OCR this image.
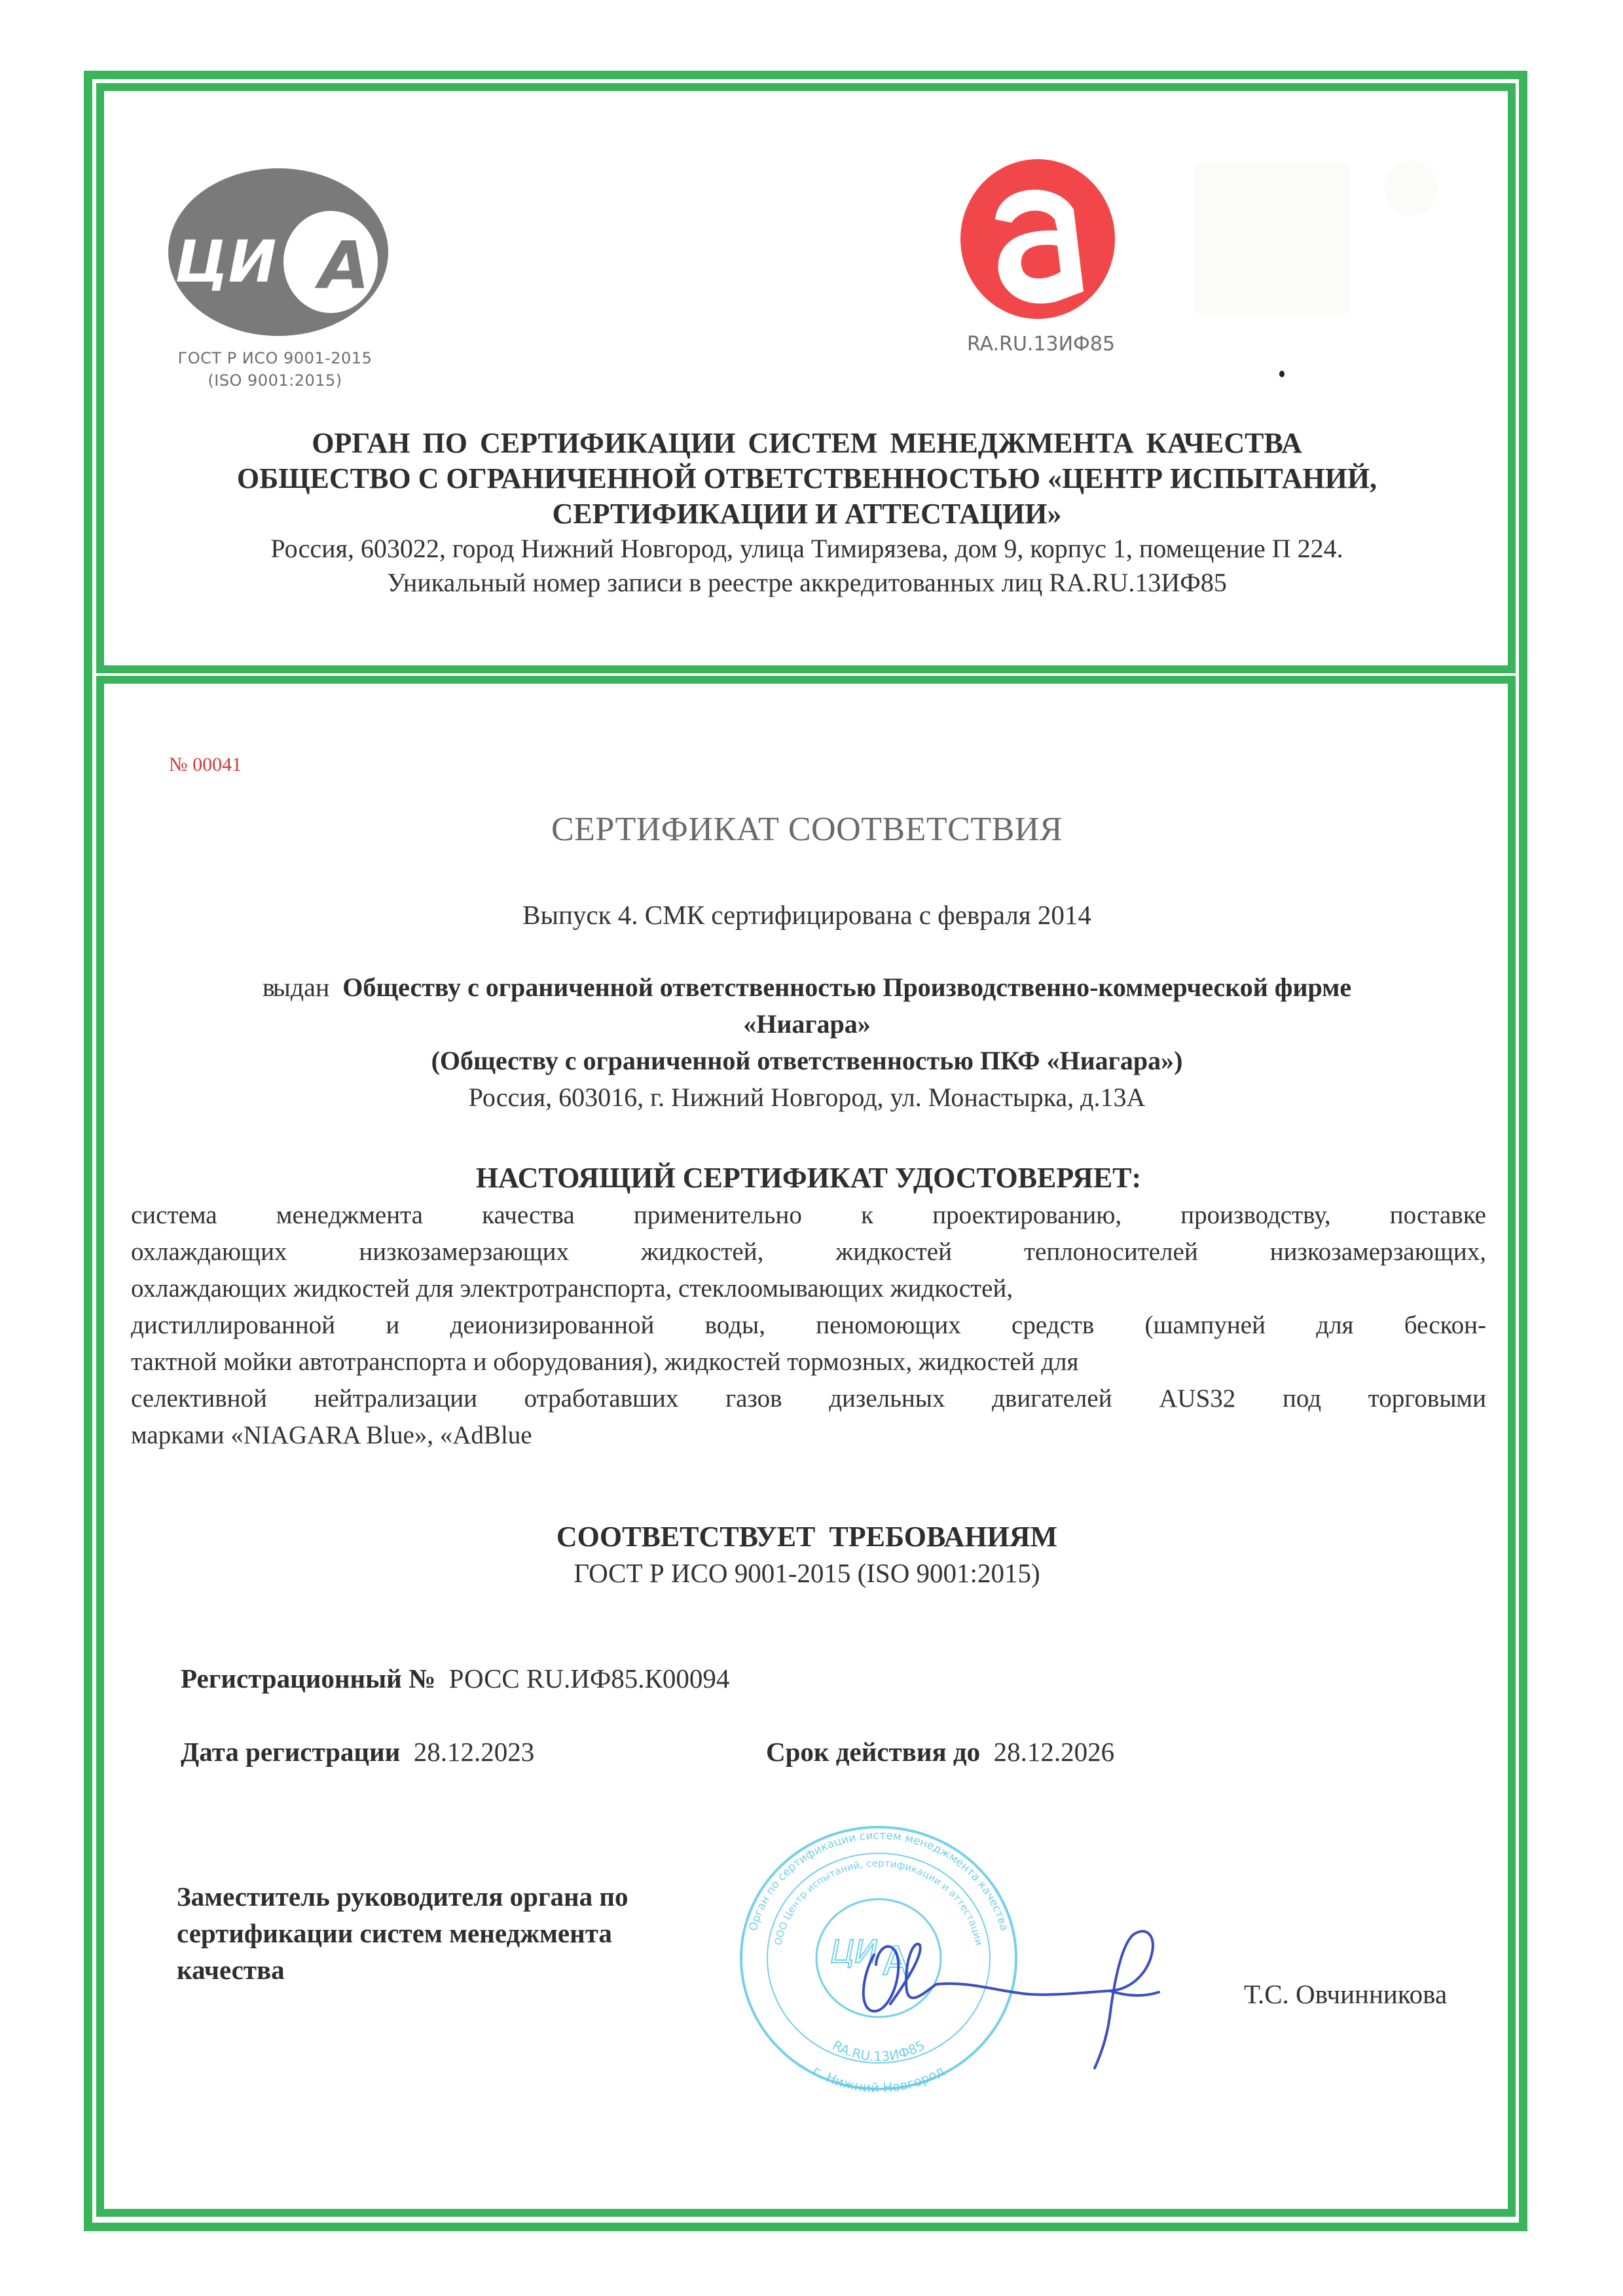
ЦИ А
ГОСТ Р ИСО 9001-2015
(ISO 9001:2015)
RA.RU.13ИФ85
ОРГАН ПО СЕРТИФИКАЦИИ СИСТЕМ МЕНЕДЖМЕНТА КАЧЕСТВА
ОБЩЕСТВО С ОГРАНИЧЕННОЙ ОТВЕТСТВЕННОСТЬЮ «ЦЕНТР ИСПЫТАНИЙ,
СЕРТИФИКАЦИИ И АТТЕСТАЦИИ»
Россия, 603022, город Нижний Новгород, улица Тимирязева, дом 9, корпус 1, помещение П 224.
Уникальный номер записи в реестре аккредитованных лиц RA.RU.13ИФ85
№ 00041
СЕРТИФИКАТ СООТВЕТСТВИЯ
Выпуск 4. СМК сертифицирована с февраля 2014
выдан Обществу с ограниченной ответственностью Производственно-коммерческой фирме
«Ниагара»
(Обществу с ограниченной ответственностью ПКФ «Ниагара»)
Россия, 603016, г. Нижний Новгород, ул. Монастырка, д.13А
НАСТОЯЩИЙ СЕРТИФИКАТ УДОСТОВЕРЯЕТ:
система менеджмента качества применительно к проектированию, производству, поставке
охлаждающих низкозамерзающих жидкостей, жидкостей теплоносителей низкозамерзающих,
охлаждающих жидкостей для электротранспорта, стеклоомывающих жидкостей,
дистиллированной и деионизированной воды, пеномоющих средств (шампуней для бескон-
тактной мойки автотранспорта и оборудования), жидкостей тормозных, жидкостей для
селективной нейтрализации отработавших газов дизельных двигателей AUS32 под торговыми
марками «NIAGARA Blue», «AdBlue
СООТВЕТСТВУЕТ ТРЕБОВАНИЯМ
ГОСТ Р ИСО 9001-2015 (ISO 9001:2015)
Регистрационный № РОСС RU.ИФ85.К00094
Дата регистрации 28.12.2023	Срок действия до 28.12.2026
Заместитель руководителя органа по
сертификации систем менеджмента
качества
Орган по сертификации систем менеджмента качества
ООО Центр испытаний, сертификации и аттестации
RA.RU.13ИФ85
г. Нижний Новгород
ЦИ А
Т.С. Овчинникова
